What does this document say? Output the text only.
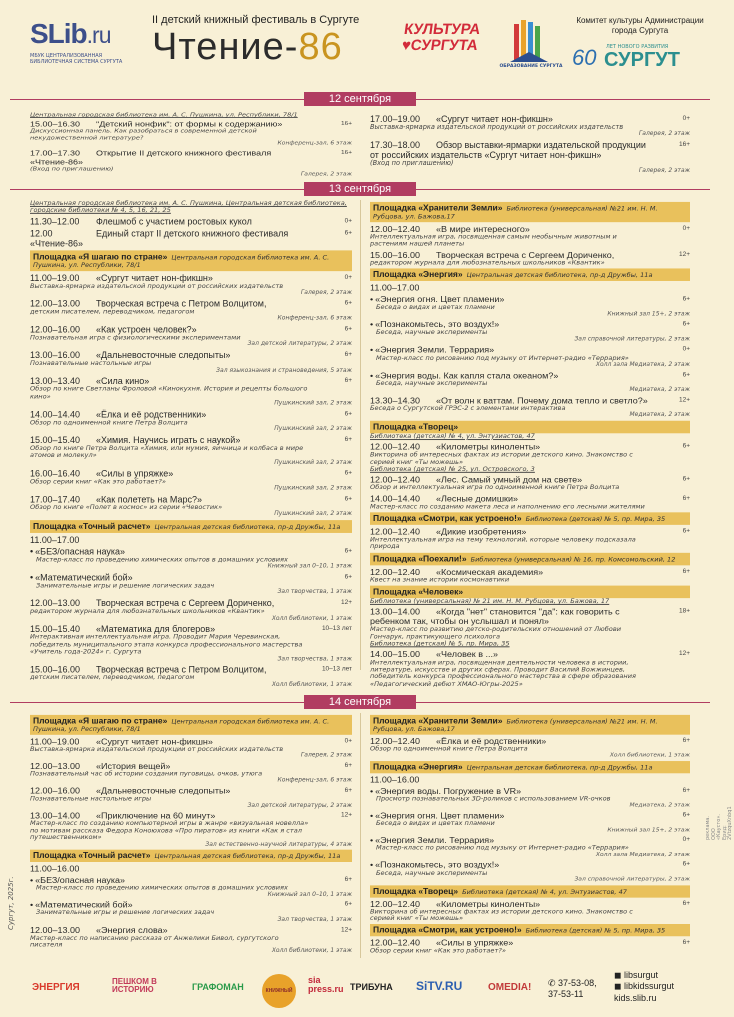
SLib.ru
МБУК ЦЕНТРАЛИЗОВАННАЯ БИБЛИОТЕЧНАЯ СИСТЕМА СУРГУТА
II детский книжный фестиваль в Сургуте
Чтение-86	КУЛЬТУРА
♥СУРГУТА
ОБРАЗОВАНИЕ СУРГУТА
Комитет культуры Администрации города Сургута
ЛЕТ НОВОГО РАЗВИТИЯ
60 СУРГУТ
12 сентября
Центральная городская библиотека им. А. С. Пушкина, ул. Республики, 78/1
15.00–16.30 "Детский нонфик": от формы к содержанию»
Дискуссионная панель. Как разобраться в современной детской некудожественной литературе?
16+
Конференц-зал, 6 этаж
17.00–17.30 Открытие II детского книжного фестиваля «Чтение-86»
(Вход по приглашению)
16+
Галерея, 2 этаж
17.00–19.00 «Сургут читает нон-фикшн»
Выставка-ярмарка издательской продукции от российских издательств
0+
Галерея, 2 этаж
17.30–18.00 Обзор выставки-ярмарки издательской продукции от российских издательств «Сургут читает нон-фикшн»
(Вход по приглашению)
16+
Галерея, 2 этаж
13 сентября
Центральная городская библиотека им. А. С. Пушкина, Центральная детская библиотека, городские библиотеки № 4, 5, 16, 21, 25
11.30–12.00 Флешмоб с участием ростовых кукол	0+
12.00	Единый старт II детского книжного фестиваля «Чтение-86»
6+
Площадка «Я шагаю по стране» Центральная городская библиотека им. А. С. Пушкина, ул. Республики, 78/1
11.00–19.00 «Сургут читает нон-фикшн»
Выставка-ярмарка издательской продукции от российских издательств
0+
Галерея, 2 этаж
12.00–13.00 Творческая встреча с Петром Волцитом,
детским писателем, переводчиком, педагогом
6+
Конференц-зал, 6 этаж
12.00–16.00 «Как устроен человек?»
Познавательная игра с физиологическими экспериментами
6+
Зал детской литературы, 2 этаж
13.00–16.00 «Дальневосточные следопыты»
Познавательные настольные игры
6+
Зал языкознания и страноведения, 5 этаж
13.00–13.40 «Сила кино»
Обзор по книге Светланы Фроловой «Кинокухня. История и рецепты большого кино»
6+
Пушкинский зал, 2 этаж
14.00–14.40 «Ёлка и её родственники»
Обзор по одноименной книге Петра Волцита
6+
Пушкинский зал, 2 этаж
15.00–15.40 «Химия. Научись играть с наукой»
Обзор по книге Петра Волцита «Химия, или мумия, яичница и колбаса в мире атомов и молекул»
6+
Пушкинский зал, 2 этаж
16.00–16.40 «Силы в упряжке»
Обзор серии книг «Как это работает?»
6+
Пушкинский зал, 2 этаж
17.00–17.40 «Как полететь на Марс?»
Обзор по книге «Полет в космос» из серии «Чевостик»
6+
Пушкинский зал, 2 этаж
Площадка «Точный расчет» Центральная детская библиотека, пр-д Дружбы, 11а
11.00–17.00
• «БЕЗ/опасная наука»
Мастер-класс по проведению химических опытов в домашних условиях
6+
Книжный зал 0–10, 1 этаж
• «Математический бой»
Занимательные игры и решение логических задач
6+
Зал творчества, 1 этаж
12.00–13.00 Творческая встреча с Сергеем Дориченко,
редактором журнала для любознательных школьников «Квантик»
12+
Холл библиотеки, 1 этаж
15.00–15.40 «Математика для блогеров»
Интерактивная интеллектуальная игра. Проводит Мария Черевинская, победитель муниципального этапа конкурса профессионального мастерства «Учитель года-2024» г. Сургута
10–13 лет
Зал творчества, 1 этаж
15.00–16.00 Творческая встреча с Петром Волцитом,
детским писателем, переводчиком, педагогом
10–13 лет
Холл библиотеки, 1 этаж
Площадка «Хранители Земли» Библиотека (универсальная) №21 им. Н. М. Рубцова, ул. Бажова,17
12.00–12.40 «В мире интересного»
Интеллектуальная игра, посвященная самым необычным животным и растениям нашей планеты
0+
15.00–16.00 Творческая встреча с Сергеем Дориченко,
редактором журнала для любознательных школьников «Квантик»
12+
Площадка «Энергия» Центральная детская библиотека, пр-д Дружбы, 11а
11.00–17.00
• «Энергия огня. Цвет пламени»
Беседа о видах и цветах пламени
6+
Книжный зал 15+, 2 этаж
• «Познакомьтесь, это воздух!»
Беседа, научные эксперименты
6+
Зал справочной литературы, 2 этаж
• «Энергия Земли. Террария»
Мастер-класс по рисованию под музыку от Интернет-радио «Террария»
0+
Холл зала Медиатека, 2 этаж
• «Энергия воды. Как капля стала океаном?»
Беседа, научные эксперименты
6+
Медиатека, 2 этаж
13.30–14.30 «От волн к ваттам. Почему дома тепло и светло?»
Беседа о Сургутской ГРЭС-2 с элементами интерактива
12+
Медиатека, 2 этаж
Площадка «Творец»
Библиотека (детская) № 4, ул. Энтузиастов, 47
12.00–12.40 «Километры киноленты»
Викторина об интересных фактах из истории детского кино. Знакомство с серией книг «Ты можешь»
6+
Библиотека (детская) № 25, ул. Островского, 3
12.00–12.40 «Лес. Самый умный дом на свете»
Обзор и интеллектуальная игра по одноименной книге Петра Волцита
6+
14.00–14.40 «Лесные домишки»
Мастер-класс по созданию макета леса и наполнению его лесными жителями
6+
Площадка «Смотри, как устроено!» Библиотека (детская) № 5, пр. Мира, 35
12.00–12.40 «Дикие изобретения»
Интеллектуальная игра на тему технологий, которые человеку подсказала природа
6+
Площадка «Поехали!» Библиотека (универсальная) № 16, пр. Комсомольский, 12
12.00–12.40 «Космическая академия»
Квест на знание истории космонавтики
6+
Площадка «Человек»
Библиотека (универсальная) № 21 им. Н. М. Рубцова, ул. Бажова, 17
13.00–14.00 «Когда "нет" становится "да": как говорить с ребенком так, чтобы он услышал и понял»
Мастер-класс по развитию детско-родительских отношений от Любови Гончарук, практикующего психолога
18+
Библиотека (детская) № 5, пр. Мира, 35
14.00–15.00 «Человек в ...»
Интеллектуальная игра, посвященная деятельности человека в истории, литературе, искусстве и других сферах. Проводит Василий Вожжинцев, победитель конкурса профессионального мастерства в сфере образования «Педагогический дебют ХМАО-Югры-2025»
12+
14 сентября
Площадка «Я шагаю по стране» Центральная городская библиотека им. А. С. Пушкина, ул. Республики, 78/1
11.00–19.00 «Сургут читает нон-фикшн»
Выставка-ярмарка издательской продукции от российских издательств
0+
Галерея, 2 этаж
12.00–13.00 «История вещей»
Познавательный час об истории создания пуговицы, очков, утюга
6+
Конференц-зал, 6 этаж
12.00–16.00 «Дальневосточные следопыты»
Познавательные настольные игры
6+
Зал детской литературы, 2 этаж
13.00–14.00 «Приключение на 60 минут»
Мастер-класс по созданию компьютерной игры в жанре «визуальная новелла» по мотивам рассказа Федора Коноюхова «Про пиратов» из книги «Как я стал путешественником»
12+
Зал естественно-научной литературы, 4 этаж
Площадка «Точный расчет» Центральная детская библиотека, пр-д Дружбы, 11а
11.00–16.00
• «БЕЗ/опасная наука»
Мастер-класс по проведению химических опытов в домашних условиях
6+
Книжный зал 0–10, 1 этаж
• «Математический бой»
Занимательные игры и решение логических задач
6+
Зал творчества, 1 этаж
12.00–13.00 «Энергия слова»
Мастер-класс по написанию рассказа от Анжелики Бивол, сургутского писателя
12+
Холл библиотеки, 1 этаж
Площадка «Хранители Земли» Библиотека (универсальная) №21 им. Н. М. Рубцова, ул. Бажова,17
12.00–12.40 «Ёлка и её родственники»
Обзор по одноименной книге Петра Волцита
6+
Холл библиотеки, 1 этаж
Площадка «Энергия» Центральная детская библиотека, пр-д Дружбы, 11а
11.00–16.00
• «Энергия воды. Погружение в VR»
Просмотр познавательных 3D-роликов с использованием VR-очков
6+
Медиатека, 2 этаж
• «Энергия огня. Цвет пламени»
Беседа о видах и цветах пламени
6+
Книжный зал 15+, 2 этаж
• «Энергия Земли. Террария»
Мастер-класс по рисованию под музыку от Интернет-радио «Террария»
0+
Холл зала Медиатека, 2 этаж
• «Познакомьтесь, это воздух!»
Беседа, научные эксперименты
6+
Зал справочной литературы, 2 этаж
Площадка «Творец» Библиотека (детская) № 4, ул. Энтузиастов, 47
12.00–12.40 «Километры киноленты»
Викторина об интересных фактах из истории детского кино. Знакомство с серией книг «Ты можешь»
6+
Площадка «Смотри, как устроено!» Библиотека (детская) № 5, пр. Мира, 35
12.00–12.40 «Силы в упряжке»
Обзор серии книг «Как это работает?»
6+
Сургут, 2025г.
реклама. ООО «Каусто». Ерид: 2VtzquXnbq1
ЭНЕРГИЯ
ПЕШКОМ В ИСТОРИЮ	ГРАФОМАН	КНИЖНЫЙ
sia press.ru ТРИБУНА SiTV.RU	OMEDIA! ✆ 37-53-08, 37-53-11
◼ libsurgut
◼ libkidssurgut
kids.slib.ru
